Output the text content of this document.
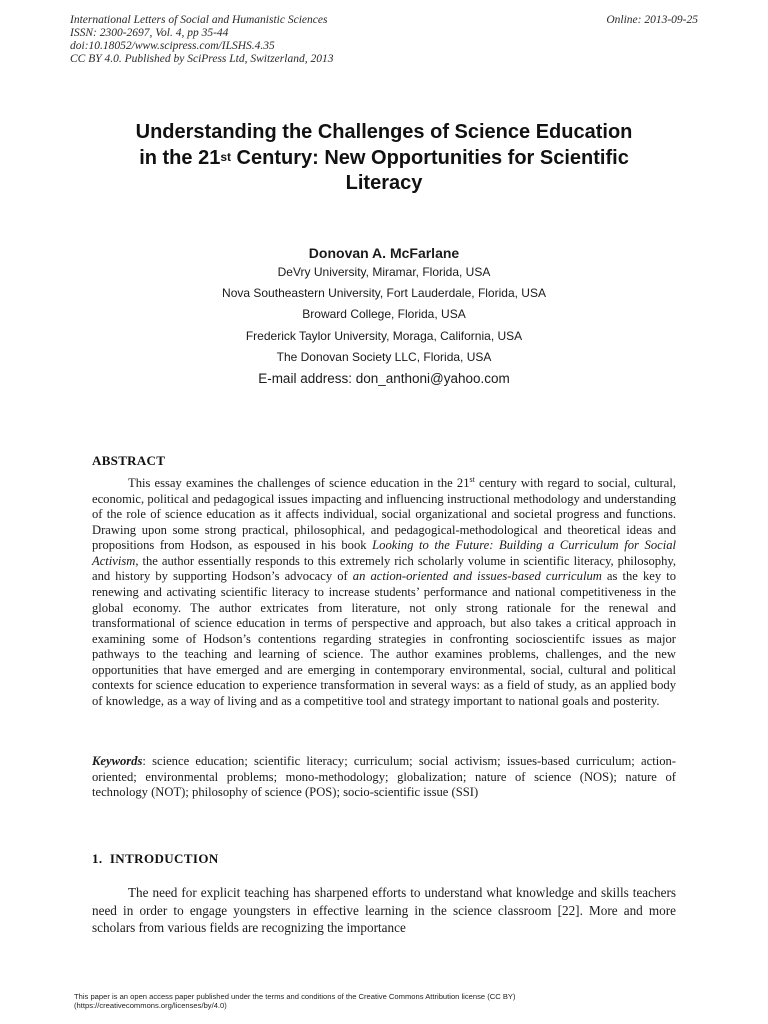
International Letters of Social and Humanistic Sciences
ISSN: 2300-2697, Vol. 4, pp 35-44
doi:10.18052/www.scipress.com/ILSHS.4.35
CC BY 4.0. Published by SciPress Ltd, Switzerland, 2013
Online: 2013-09-25
Understanding the Challenges of Science Education
in the 21st Century: New Opportunities for Scientific
Literacy
Donovan A. McFarlane
DeVry University, Miramar, Florida, USA
Nova Southeastern University, Fort Lauderdale, Florida, USA
Broward College, Florida, USA
Frederick Taylor University, Moraga, California, USA
The Donovan Society LLC, Florida, USA
E-mail address: don_anthoni@yahoo.com
ABSTRACT
This essay examines the challenges of science education in the 21st century with regard to social, cultural, economic, political and pedagogical issues impacting and influencing instructional methodology and understanding of the role of science education as it affects individual, social organizational and societal progress and functions. Drawing upon some strong practical, philosophical, and pedagogical-methodological and theoretical ideas and propositions from Hodson, as espoused in his book Looking to the Future: Building a Curriculum for Social Activism, the author essentially responds to this extremely rich scholarly volume in scientific literacy, philosophy, and history by supporting Hodson’s advocacy of an action-oriented and issues-based curriculum as the key to renewing and activating scientific literacy to increase students’ performance and national competitiveness in the global economy. The author extricates from literature, not only strong rationale for the renewal and transformational of science education in terms of perspective and approach, but also takes a critical approach in examining some of Hodson’s contentions regarding strategies in confronting socioscientifc issues as major pathways to the teaching and learning of science. The author examines problems, challenges, and the new opportunities that have emerged and are emerging in contemporary environmental, social, cultural and political contexts for science education to experience transformation in several ways: as a field of study, as an applied body of knowledge, as a way of living and as a competitive tool and strategy important to national goals and posterity.
Keywords: science education; scientific literacy; curriculum; social activism; issues-based curriculum; action-oriented; environmental problems; mono-methodology; globalization; nature of science (NOS); nature of technology (NOT); philosophy of science (POS); socio-scientific issue (SSI)
1.  INTRODUCTION
The need for explicit teaching has sharpened efforts to understand what knowledge and skills teachers need in order to engage youngsters in effective learning in the science classroom [22]. More and more scholars from various fields are recognizing the importance
This paper is an open access paper published under the terms and conditions of the Creative Commons Attribution license (CC BY)
(https://creativecommons.org/licenses/by/4.0)
